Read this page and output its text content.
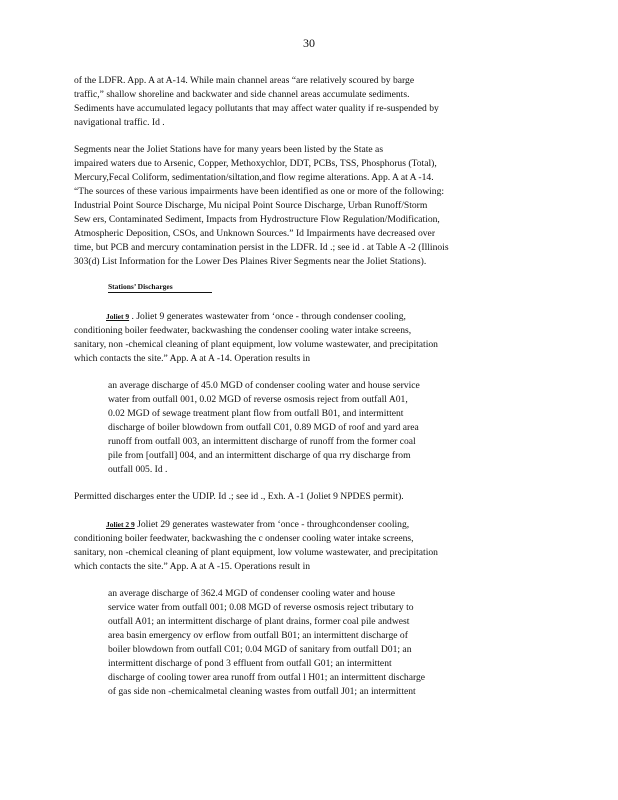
30
of the LDFR. App. A at A-14. While main channel areas “are relatively scoured by barge
traffic,” shallow shoreline and backwater and side channel areas accumulate sediments.
Sediments have accumulated legacy pollutants that may affect water quality if re-suspended by
navigational traffic. Id .
Segments near the Joliet Stations have for many years been listed by the State as
impaired waters due to Arsenic, Copper, Methoxychlor, DDT, PCBs, TSS, Phosphorus (Total),
Mercury,Fecal Coliform, sedimentation/siltation,and flow regime alterations. App. A at A -14.
“The sources of these various impairments have been identified as one or more of the following:
Industrial Point Source Discharge, Mu nicipal Point Source Discharge, Urban Runoff/Storm
Sew ers, Contaminated Sediment, Impacts from Hydrostructure Flow Regulation/Modification,
Atmospheric Deposition, CSOs, and Unknown Sources.” Id Impairments have decreased over
time, but PCB and mercury contamination persist in the LDFR. Id .; see id . at Table A -2 (Illinois
303(d) List Information for the Lower Des Plaines River Segments near the Joliet Stations).
Stations’ Discharges
Joliet 9 . Joliet 9 generates wastewater from ‘once - through condenser cooling,
conditioning boiler feedwater, backwashing the condenser cooling water intake screens,
sanitary, non -chemical cleaning of plant equipment, low volume wastewater, and precipitation
which contacts the site.” App. A at A -14. Operation results in
an average discharge of 45.0 MGD of condenser cooling water and house service
water from outfall 001, 0.02 MGD of reverse osmosis reject from outfall A01,
0.02 MGD of sewage treatment plant flow from outfall B01, and intermittent
discharge of boiler blowdown from outfall C01, 0.89 MGD of roof and yard area
runoff from outfall 003, an intermittent discharge of runoff from the former coal
pile from [outfall] 004, and an intermittent discharge of qua rry discharge from
outfall 005. Id .
Permitted discharges enter the UDIP. Id .; see id ., Exh. A -1 (Joliet 9 NPDES permit).
Joliet 2 9 Joliet 29 generates wastewater from ‘once - throughcondenser cooling,
conditioning boiler feedwater, backwashing the c ondenser cooling water intake screens,
sanitary, non -chemical cleaning of plant equipment, low volume wastewater, and precipitation
which contacts the site.” App. A at A -15. Operations result in
an average discharge of 362.4 MGD of condenser cooling water and house
service water from outfall 001; 0.08 MGD of reverse osmosis reject tributary to
outfall A01; an intermittent discharge of plant drains, former coal pile andwest
area basin emergency ov erflow from outfall B01; an intermittent discharge of
boiler blowdown from outfall C01; 0.04 MGD of sanitary from outfall D01; an
intermittent discharge of pond 3 effluent from outfall G01; an intermittent
discharge of cooling tower area runoff from outfal l H01; an intermittent discharge
of gas side non -chemicalmetal cleaning wastes from outfall J01; an intermittent
